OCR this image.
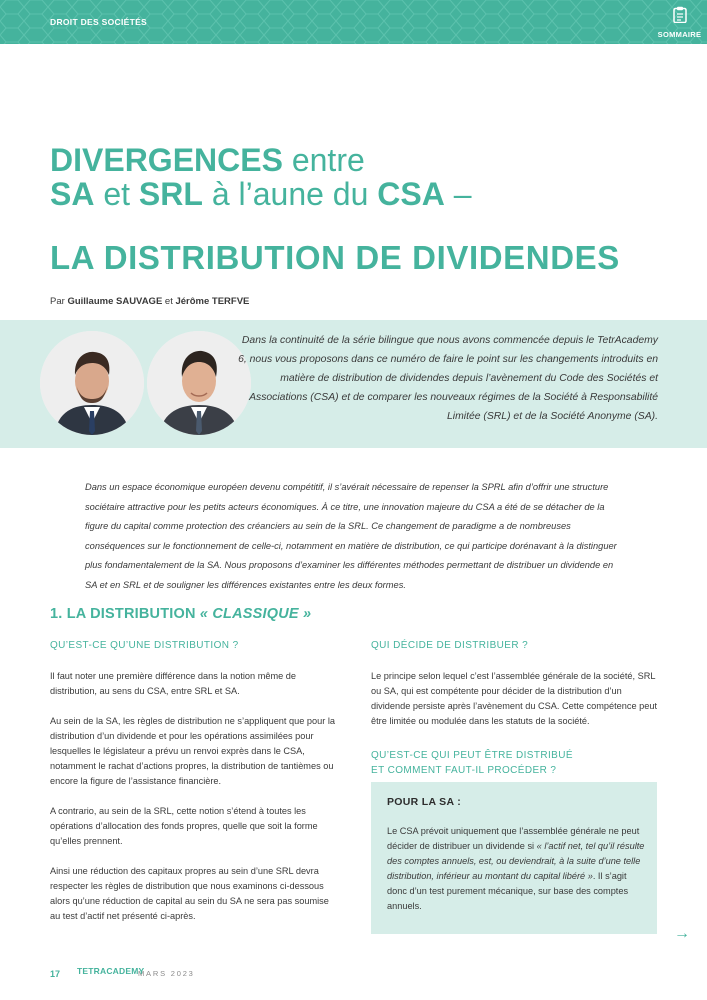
DROIT DES SOCIÉTÉS
SOMMAIRE
DIVERGENCES entre
SA et SRL à l’aune du CSA –
LA DISTRIBUTION DE DIVIDENDES
Par Guillaume SAUVAGE et Jérôme TERFVE
Dans la continuité de la série bilingue que nous avons commencée depuis le TetrAcademy 6, nous vous proposons dans ce numéro de faire le point sur les changements introduits en matière de distribution de dividendes depuis l’avènement du Code des Sociétés et Associations (CSA) et de comparer les nouveaux régimes de la Société à Responsabilité Limitée (SRL) et de la Société Anonyme (SA).
Dans un espace économique européen devenu compétitif, il s’avérait nécessaire de repenser la SPRL afin d’offrir une structure sociétaire attractive pour les petits acteurs économiques. À ce titre, une innovation majeure du CSA a été de se détacher de la figure du capital comme protection des créanciers au sein de la SRL. Ce changement de paradigme a de nombreuses conséquences sur le fonctionnement de celle-ci, notamment en matière de distribution, ce qui participe dorénavant à la distinguer plus fondamentalement de la SA. Nous proposons d’examiner les différentes méthodes permettant de distribuer un dividende en SA et en SRL et de souligner les différences existantes entre les deux formes.
1. LA DISTRIBUTION « CLASSIQUE »
QU’EST-CE QU’UNE DISTRIBUTION ?

Il faut noter une première différence dans la notion même de distribution, au sens du CSA, entre SRL et SA.

Au sein de la SA, les règles de distribution ne s’appliquent que pour la distribution d’un dividende et pour les opérations assimilées pour lesquelles le législateur a prévu un renvoi exprès dans le CSA, notamment le rachat d’actions propres, la distribution de tantièmes ou encore la figure de l’assistance financière.

A contrario, au sein de la SRL, cette notion s’étend à toutes les opérations d’allocation des fonds propres, quelle que soit la forme qu’elles prennent.

Ainsi une réduction des capitaux propres au sein d’une SRL devra respecter les règles de distribution que nous examinons ci-dessous alors qu’une réduction de capital au sein du SA ne sera pas soumise au test d’actif net présenté ci-après.

QUI DÉCIDE DE DISTRIBUER ?

Le principe selon lequel c’est l’assemblée générale de la société, SRL ou SA, qui est compétente pour décider de la distribution d’un dividende persiste après l’avènement du CSA. Cette compétence peut être limitée ou modulée dans les statuts de la société.

QU’EST-CE QUI PEUT ÊTRE DISTRIBUÉ
ET COMMENT FAUT-IL PROCÉDER ?
POUR LA SA :
Le CSA prévoit uniquement que l’assemblée générale ne peut décider de distribuer un dividende si « l’actif net, tel qu’il résulte des comptes annuels, est, ou deviendrait, à la suite d’une telle distribution, inférieur au montant du capital libéré ». Il s’agit donc d’un test purement mécanique, sur base des comptes annuels.
→
17 TETRACADEMY
MARS 2023
